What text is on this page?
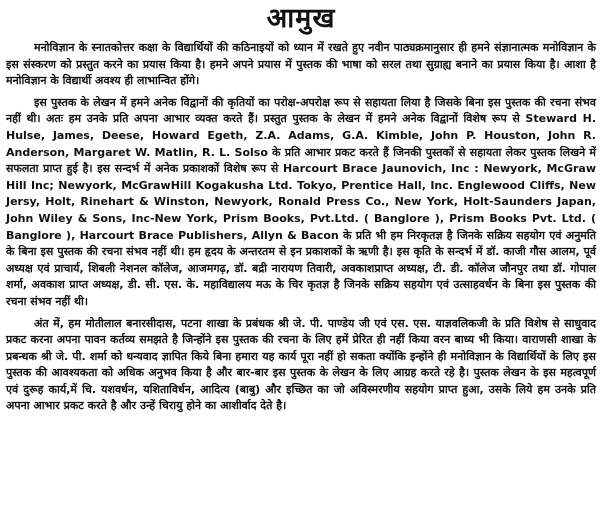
आमुख

मनोविज्ञान के स्नातकोत्तर कक्षा के विद्यार्थियों की कठिनाइयों को ध्यान में रखते हुए नवीन पाठ्यक्रमानुसार ही हमने संज्ञानात्मक मनोविज्ञान के इस संस्करण को प्रस्तुत करने का प्रयास किया है। हमने अपने प्रयास में पुस्तक की भाषा को सरल तथा सुग्राह्य बनाने का प्रयास किया है। आशा है मनोविज्ञान के विद्यार्थी अवश्य ही लाभान्वित होंगे।

इस पुस्तक के लेखन में हमने अनेक विद्वानों की कृतियों का परोक्ष-अपरोक्ष रूप से सहायता लिया है जिसके बिना इस पुस्तक की रचना संभव नहीं थी। अतः हम उनके प्रति अपना आभार व्यक्त करते हैं। प्रस्तुत पुस्तक के लेखन में हमने अनेक विद्वानों विशेष रूप से Steward H. Hulse, James, Deese, Howard Egeth, Z.A. Adams, G.A. Kimble, John P. Houston, John R. Anderson, Margaret W. Matlin, R. L. Solso के प्रति आभार प्रकट करते हैं जिनकी पुस्तकों से सहायता लेकर पुस्तक लिखने में सफलता प्राप्त हुई है। इस सन्दर्भ में अनेक प्रकाशकों विशेष रूप से Harcourt Brace Jaunovich, Inc : Newyork, McGraw Hill Inc; Newyork, McGrawHill Kogakusha Ltd. Tokyo, Prentice Hall, Inc. Englewood Cliffs, New Jersy, Holt, Rinehart & Winston, Newyork, Ronald Press Co., New York, Holt-Saunders Japan, John Wiley & Sons, Inc-New York, Prism Books, Pvt.Ltd. ( Banglore ), Prism Books Pvt. Ltd. ( Banglore ), Harcourt Brace Publishers, Allyn & Bacon के प्रति भी हम निरकृतज्ञ है जिनके सक्रिय सहयोग एवं अनुमति के बिना इस पुस्तक की रचना संभव नहीं थी। हम हृदय के अन्तरतम से इन प्रकाशकों के ऋणी है। इस कृति के सन्दर्भ में डॉ. काजी गौस आलम, पूर्व अध्यक्ष एवं प्राचार्य, शिबली नेशनल कॉलेज, आजमगढ़, डॉ. बद्री नारायण तिवारी, अवकाशप्राप्त अध्यक्ष, टी. डी. कॉलेज जौनपुर तथा डॉ. गोपाल शर्मा, अवकाश प्राप्त अध्यक्ष, डी. सी. एस. के. महाविद्यालय मऊ के चिर कृतज्ञ है जिनके सक्रिय सहयोग एवं उत्साहवर्धन के बिना इस पुस्तक की रचना संभव नहीं थी।

अंत में, हम मोतीलाल बनारसीदास, पटना शाखा के प्रबंधक श्री जे. पी. पाण्डेय जी एवं एस. एस. याज्ञवलिकजी के प्रति विशेष से साधुवाद प्रकट करना अपना पावन कर्तव्य समझते है जिन्होंने इस पुस्तक की रचना के लिए हमें प्रेरित ही नहीं किया वरन बाध्य भी किया। वाराणसी शाखा के प्रबन्धक श्री जे. पी. शर्मा को धन्यवाद ज्ञापित किये बिना हमारा यह कार्य पूरा नहीं हो सकता क्योंकि इन्होंने ही मनोविज्ञान के विद्यार्थियों के लिए इस पुस्तक की आवश्यकता को अधिक अनुभव किया है और बार-बार इस पुस्तक के लेखन के लिए आग्रह करते रहे है। पुस्तक लेखन के इस महत्वपूर्ण एवं दुरूह कार्य,में चि. यशवर्धन, यशिताविर्धन, आदित्य (बाबु) और इच्छित का जो अविस्मरणीय सहयोग प्राप्त हुआ, उसके लिये हम उनके प्रति अपना आभार प्रकट करते है और उन्हें चिरायु होने का आशीर्वाद देते है।
